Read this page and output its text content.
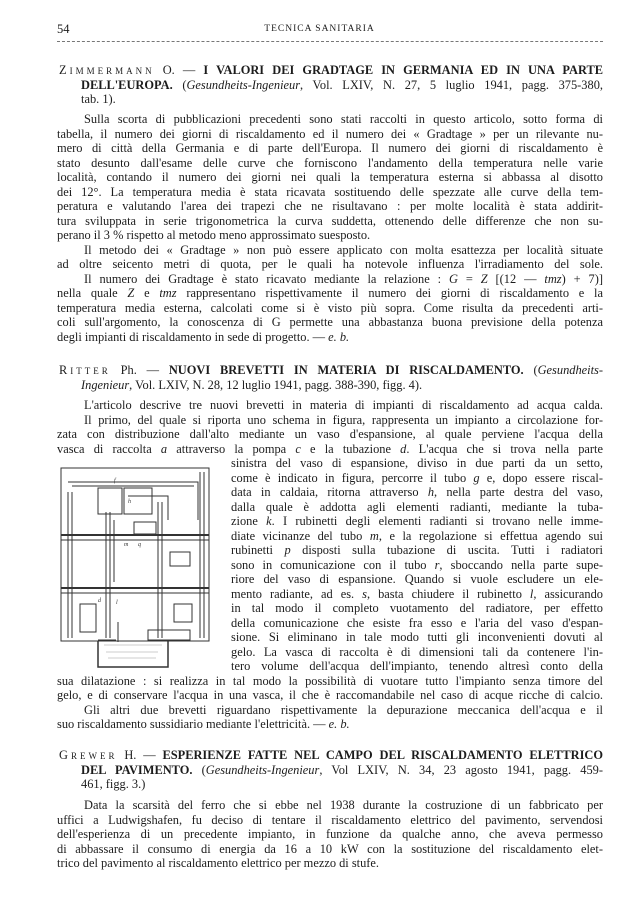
54	TECNICA SANITARIA
Zimmermann O. — I VALORI DEI GRADTAGE IN GERMANIA ED IN UNA PARTE
DELL'EUROPA. (Gesundheits-Ingenieur, Vol. LXIV, N. 27, 5 luglio 1941, pagg. 375-380,
tab. 1).
Sulla scorta di pubblicazioni precedenti sono stati raccolti in questo articolo, sotto forma di
tabella, il numero dei giorni di riscaldamento ed il numero dei « Gradtage » per un rilevante nu-
mero di città della Germania e di parte dell'Europa. Il numero dei giorni di riscaldamento è
stato desunto dall'esame delle curve che forniscono l'andamento della temperatura nelle varie
località, contando il numero dei giorni nei quali la temperatura esterna si abbassa al disotto
dei 12°. La temperatura media è stata ricavata sostituendo delle spezzate alle curve della tem-
peratura e valutando l'area dei trapezi che ne risultavano : per molte località è stata addirit-
tura sviluppata in serie trigonometrica la curva suddetta, ottenendo delle differenze che non su-
perano il 3 % rispetto al metodo meno approssimato suesposto.
Il metodo dei « Gradtage » non può essere applicato con molta esattezza per località situate
ad oltre seicento metri di quota, per le quali ha notevole influenza l'irradiamento del sole.
Il numero dei Gradtage è stato ricavato mediante la relazione : G = Z [(12 — tmz) + 7)]
nella quale Z e tmz rappresentano rispettivamente il numero dei giorni di riscaldamento e la
temperatura media esterna, calcolati come si è visto più sopra. Come risulta da precedenti arti-
coli sull'argomento, la conoscenza di G permette una abbastanza buona previsione della potenza
degli impianti di riscaldamento in sede di progetto. — e. b.
Ritter Ph. — NUOVI BREVETTI IN MATERIA DI RISCALDAMENTO. (Gesundheits-
Ingenieur, Vol. LXIV, N. 28, 12 luglio 1941, pagg. 388-390, figg. 4).
L'articolo descrive tre nuovi brevetti in materia di impianti di riscaldamento ad acqua calda.
Il primo, del quale si riporta uno schema in figura, rappresenta un impianto a circolazione for-
zata con distribuzione dall'alto mediante un vaso d'espansione, al quale perviene l'acqua della
vasca di raccolta a attraverso la pompa c e la tubazione d. L'acqua che si trova nella parte
sinistra del vaso di espansione, diviso in due parti da un setto,
come è indicato in figura, percorre il tubo g e, dopo essere riscal-
data in caldaia, ritorna attraverso h, nella parte destra del vaso,
dalla quale è addotta agli elementi radianti, mediante la tuba-
zione k. I rubinetti degli elementi radianti si trovano nelle imme-
diate vicinanze del tubo m, e la regolazione si effettua agendo sui
rubinetti p disposti sulla tubazione di uscita. Tutti i radiatori
sono in comunicazione con il tubo r, sboccando nella parte supe-
riore del vaso di espansione. Quando si vuole escludere un ele-
mento radiante, ad es. s, basta chiudere il rubinetto l, assicurando
in tal modo il completo vuotamento del radiatore, per effetto
della comunicazione che esiste fra esso e l'aria del vaso d'espan-
sione. Si eliminano in tale modo tutti gli inconvenienti dovuti al
gelo. La vasca di raccolta è di dimensioni tali da contenere l'in-
tero volume dell'acqua dell'impianto, tenendo altresì conto della
sua dilatazione : si realizza in tal modo la possibilità di vuotare tutto l'impianto senza timore del
gelo, e di conservare l'acqua in una vasca, il che è raccomandabile nel caso di acque ricche di calcio.
Gli altri due brevetti riguardano rispettivamente la depurazione meccanica dell'acqua e il
suo riscaldamento sussidiario mediante l'elettricità. — e. b.
Grewer H. — ESPERIENZE FATTE NEL CAMPO DEL RISCALDAMENTO ELETTRICO
DEL PAVIMENTO. (Gesundheits-Ingenieur, Vol LXIV, N. 34, 23 agosto 1941, pagg. 459-
461, figg. 3.)
Data la scarsità del ferro che si ebbe nel 1938 durante la costruzione di un fabbricato per
uffici a Ludwigshafen, fu deciso di tentare il riscaldamento elettrico del pavimento, servendosi
dell'esperienza di un precedente impianto, in funzione da qualche anno, che aveva permesso
di abbassare il consumo di energia da 16 a 10 kW con la sostituzione del riscaldamento elet-
trico del pavimento al riscaldamento elettrico per mezzo di stufe.
m q
d	l
h
f
